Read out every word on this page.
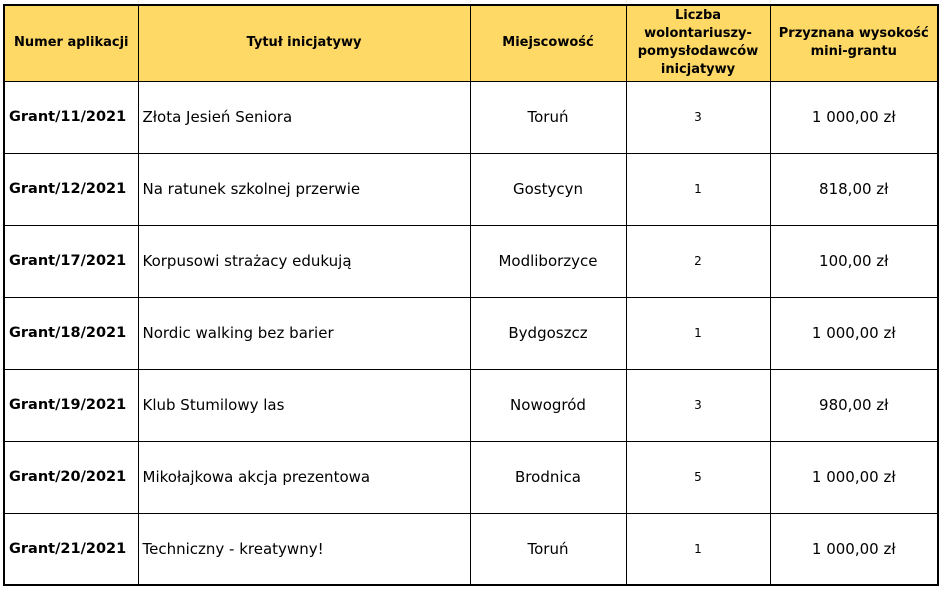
Numer aplikacji	Tytuł inicjatywy	Miejscowość	Liczba wolontariuszy-pomysłodawców inicjatywy	Przyznana wysokość mini-grantu
Grant/11/2021	Złota Jesień Seniora	Toruń	3	1 000,00 zł
Grant/12/2021	Na ratunek szkolnej przerwie	Gostycyn	1	818,00 zł
Grant/17/2021	Korpusowi strażacy edukują	Modliborzyce	2	100,00 zł
Grant/18/2021	Nordic walking bez barier	Bydgoszcz	1	1 000,00 zł
Grant/19/2021	Klub Stumilowy las	Nowogród	3	980,00 zł
Grant/20/2021	Mikołajkowa akcja prezentowa	Brodnica	5	1 000,00 zł
Grant/21/2021	Techniczny - kreatywny!	Toruń	1	1 000,00 zł
